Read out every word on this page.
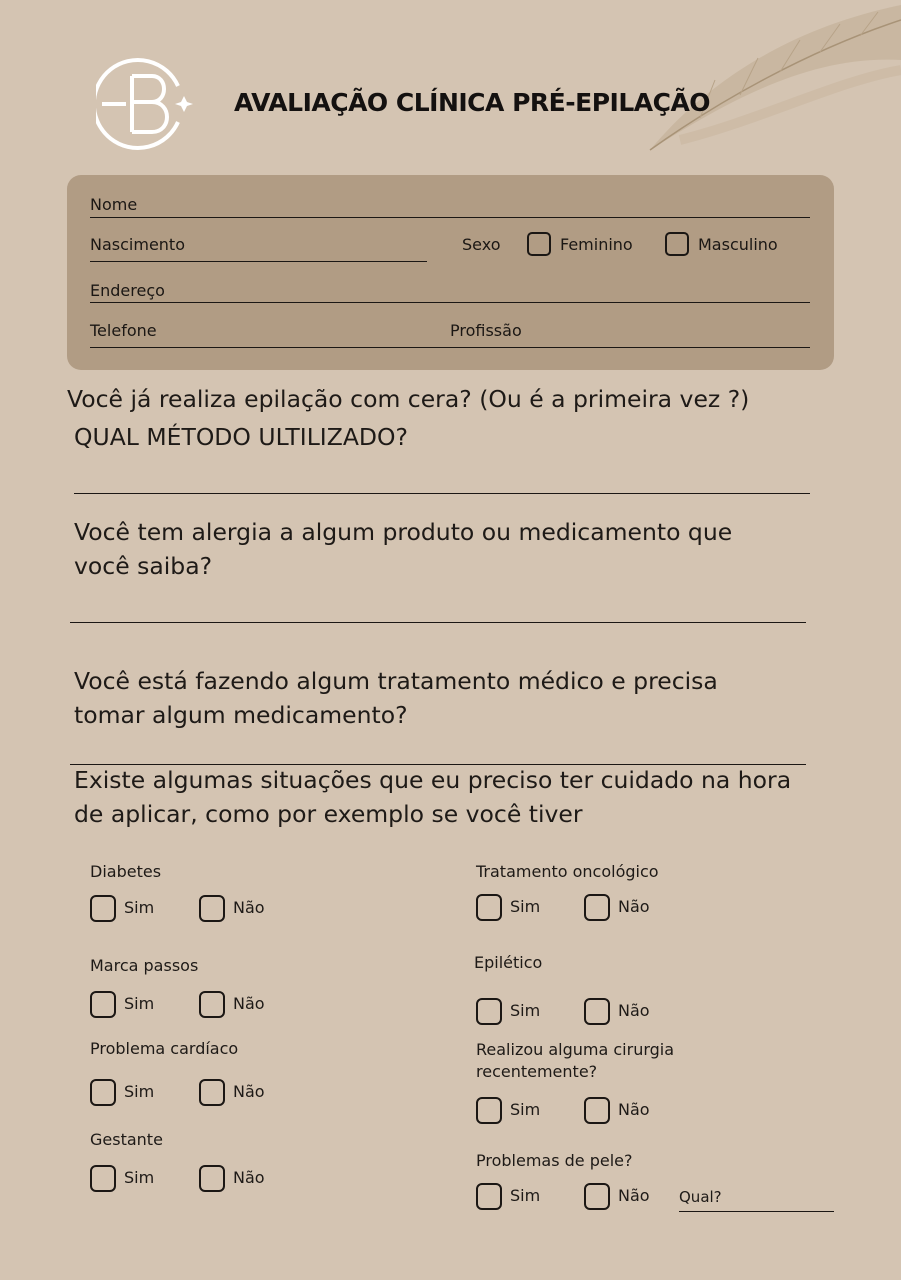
AVALIAÇÃO CLÍNICA PRÉ-EPILAÇÃO
Nome
Nascimento	Sexo	Feminino	Masculino
Endereço
Telefone	Profissão
Você já realiza epilação com cera? (Ou é a primeira vez ?)
QUAL MÉTODO ULTILIZADO?
Você tem alergia a algum produto ou medicamento que você saiba?
Você está fazendo algum tratamento médico e precisa tomar algum medicamento?
Existe algumas situações que eu preciso ter cuidado na hora de aplicar, como por exemplo se você tiver
Diabetes
Sim	Não
Marca passos
Sim	Não
Problema cardíaco
Sim	Não
Gestante
Sim	Não
Tratamento oncológico
Sim	Não
Epilético
Sim	Não
Realizou alguma cirurgia recentemente?
Sim	Não
Problemas de pele?
Sim	Não Qual?
